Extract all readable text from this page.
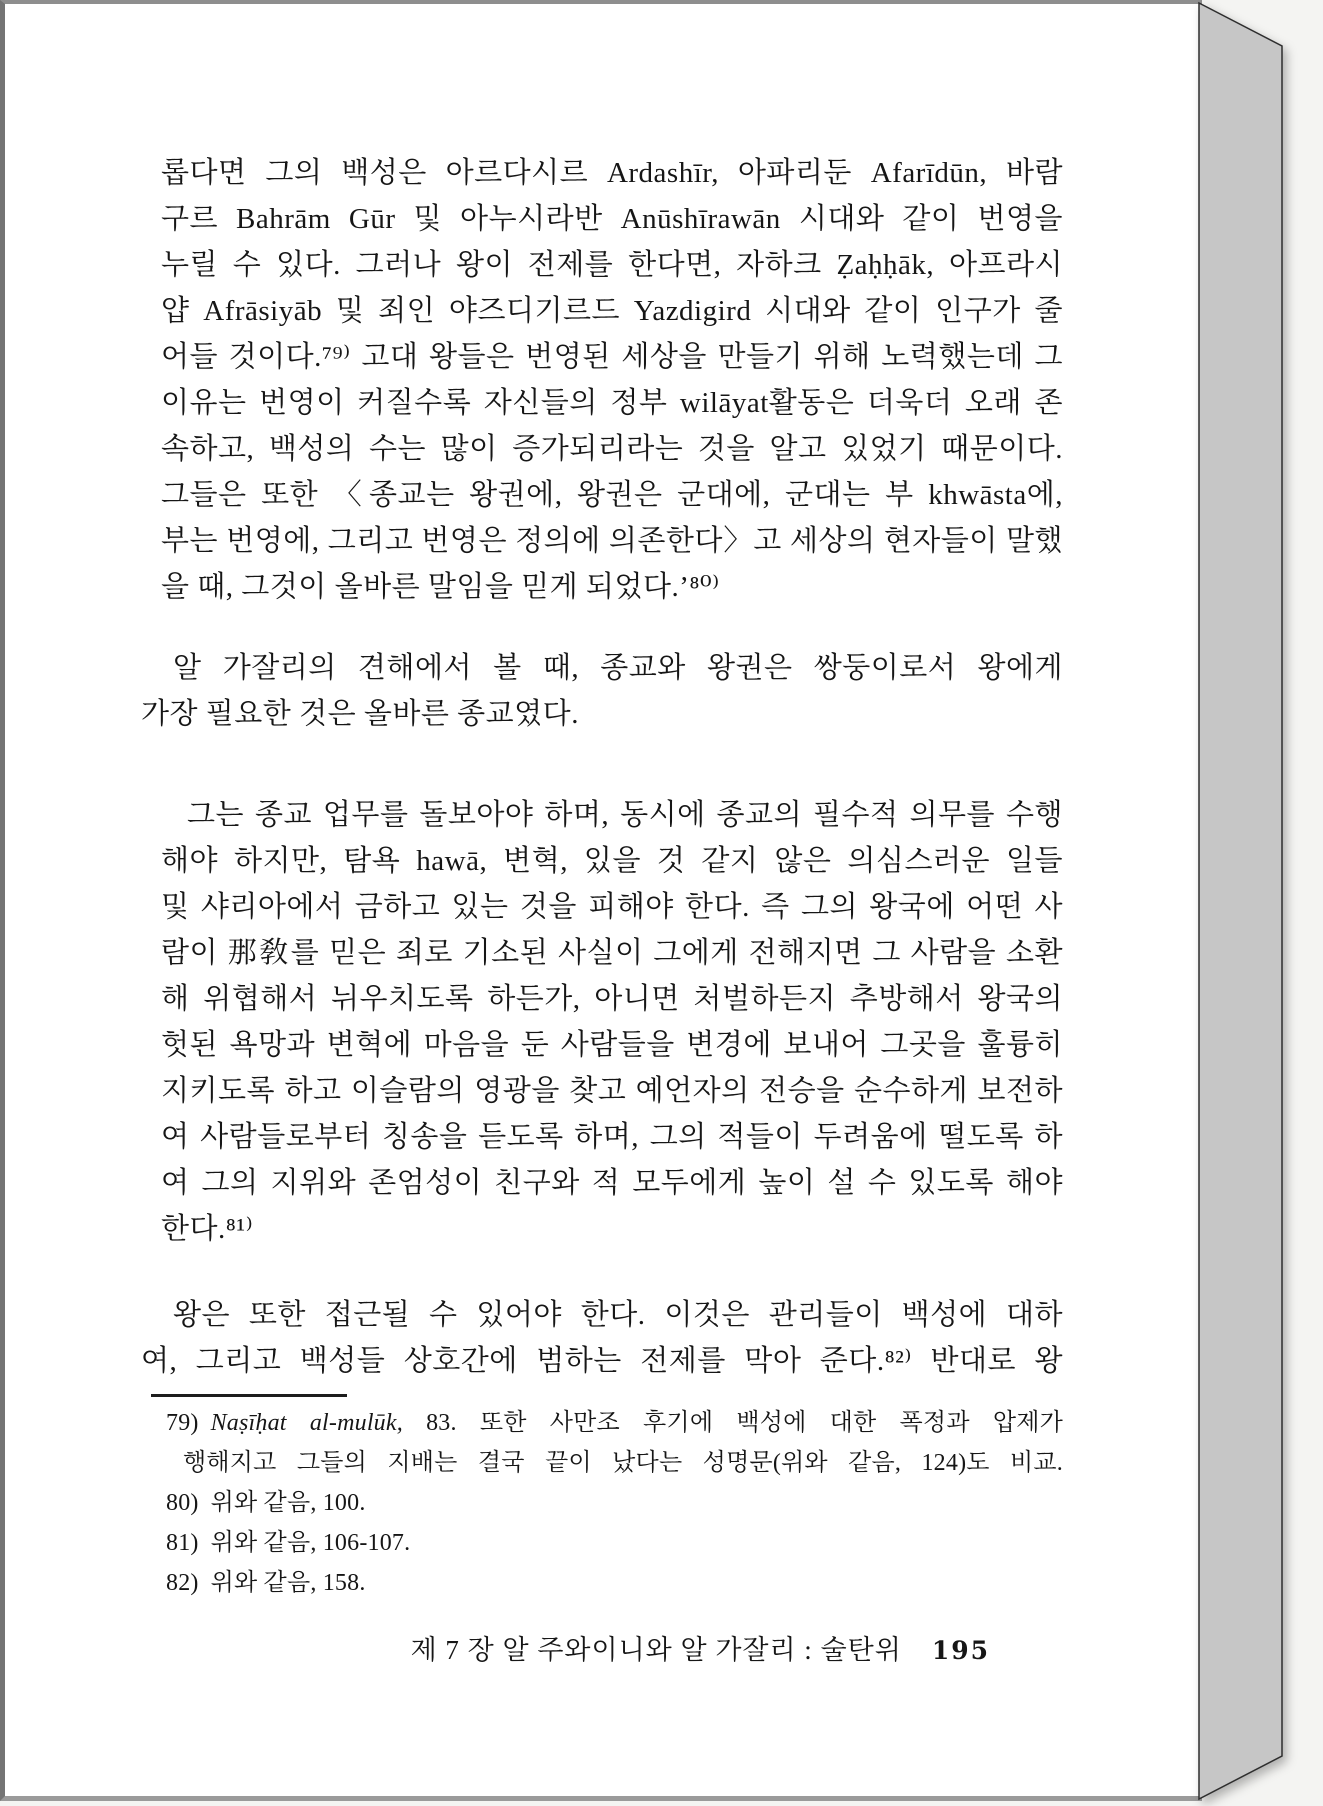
롭다면 그의 백성은 아르다시르 Ardashīr, 아파리둔 Afarīdūn, 바람
구르 Bahrām Gūr 및 아누시라반 Anūshīrawān 시대와 같이 번영을
누릴 수 있다. 그러나 왕이 전제를 한다면, 자하크 Ẓaḥḥāk, 아프라시
얍 Afrāsiyāb 및 죄인 야즈디기르드 Yazdigird 시대와 같이 인구가 줄
어들 것이다.⁷⁹⁾ 고대 왕들은 번영된 세상을 만들기 위해 노력했는데 그
이유는 번영이 커질수록 자신들의 정부 wilāyat활동은 더욱더 오래 존
속하고, 백성의 수는 많이 증가되리라는 것을 알고 있었기 때문이다.
그들은 또한 〈종교는 왕권에, 왕권은 군대에, 군대는 부 khwāsta에,
부는 번영에, 그리고 번영은 정의에 의존한다〉고 세상의 현자들이 말했
을 때, 그것이 올바른 말임을 믿게 되었다.’⁸⁰⁾
알 가잘리의 견해에서 볼 때, 종교와 왕권은 쌍둥이로서 왕에게
가장 필요한 것은 올바른 종교였다.
그는 종교 업무를 돌보아야 하며, 동시에 종교의 필수적 의무를 수행
해야 하지만, 탐욕 hawā, 변혁, 있을 것 같지 않은 의심스러운 일들
및 샤리아에서 금하고 있는 것을 피해야 한다. 즉 그의 왕국에 어떤 사
람이 那敎를 믿은 죄로 기소된 사실이 그에게 전해지면 그 사람을 소환
해 위협해서 뉘우치도록 하든가, 아니면 처벌하든지 추방해서 왕국의
헛된 욕망과 변혁에 마음을 둔 사람들을 변경에 보내어 그곳을 훌륭히
지키도록 하고 이슬람의 영광을 찾고 예언자의 전승을 순수하게 보전하
여 사람들로부터 칭송을 듣도록 하며, 그의 적들이 두려움에 떨도록 하
여 그의 지위와 존엄성이 친구와 적 모두에게 높이 설 수 있도록 해야
한다.⁸¹⁾
왕은 또한 접근될 수 있어야 한다. 이것은 관리들이 백성에 대하
여, 그리고 백성들 상호간에 범하는 전제를 막아 준다.⁸²⁾ 반대로 왕
79) Naṣīḥat al-mulūk, 83. 또한 사만조 후기에 백성에 대한 폭정과 압제가
행해지고 그들의 지배는 결국 끝이 났다는 성명문(위와 같음, 124)도 비교.
80) 위와 같음, 100.
81) 위와 같음, 106-107.
82) 위와 같음, 158.
제 7 장 알 주와이니와 알 가잘리 : 술탄위 195
